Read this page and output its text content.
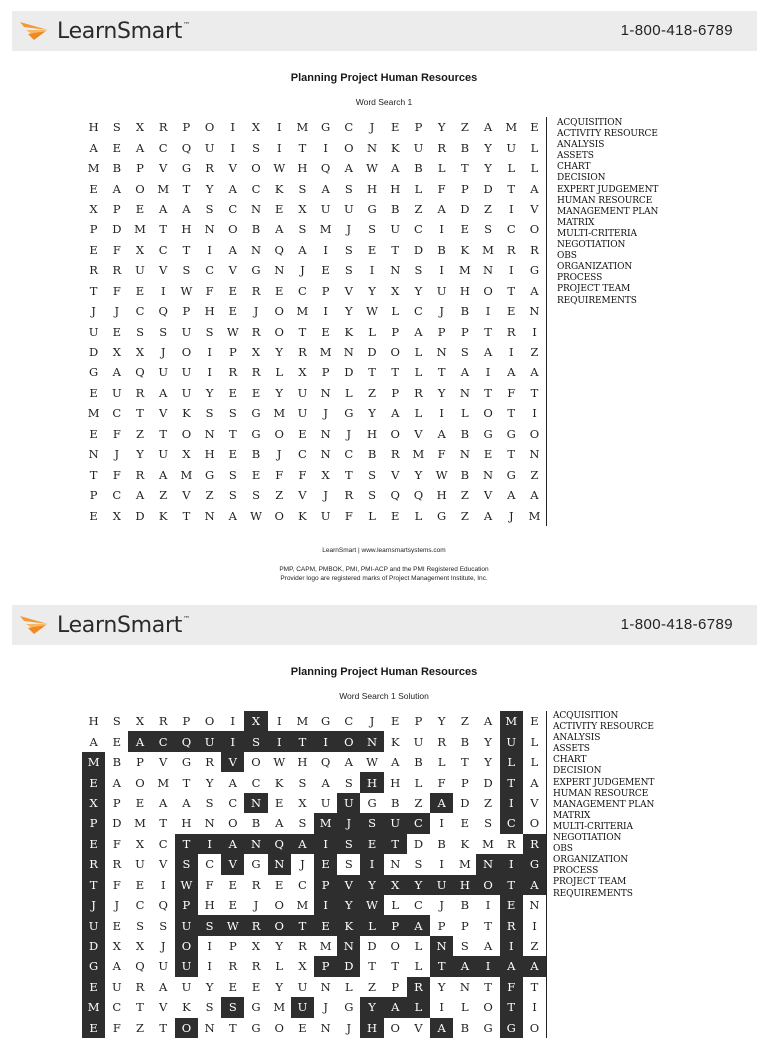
LearnSmart™	1-800-418-6789
Planning Project Human Resources
Word Search 1
H	S	X	R	P	O	I	X	I	M	G	C	J	E	P	Y	Z	A	M	E
A	E	A	C	Q	U	I	S	I	T	I	O	N	K	U	R	B	Y	U	L
M	B	P	V	G	R	V	O	W	H	Q	A	W	A	B	L	T	Y	L	L
E	A	O	M	T	Y	A	C	K	S	A	S	H	H	L	F	P	D	T	A
X	P	E	A	A	S	C	N	E	X	U	U	G	B	Z	A	D	Z	I	V
P	D	M	T	H	N	O	B	A	S	M	J	S	U	C	I	E	S	C	O
E	F	X	C	T	I	A	N	Q	A	I	S	E	T	D	B	K	M	R	R
R	R	U	V	S	C	V	G	N	J	E	S	I	N	S	I	M	N	I	G
T	F	E	I	W	F	E	R	E	C	P	V	Y	X	Y	U	H	O	T	A
J	J	C	Q	P	H	E	J	O	M	I	Y	W	L	C	J	B	I	E	N
U	E	S	S	U	S	W	R	O	T	E	K	L	P	A	P	P	T	R	I
D	X	X	J	O	I	P	X	Y	R	M	N	D	O	L	N	S	A	I	Z
G	A	Q	U	U	I	R	R	L	X	P	D	T	T	L	T	A	I	A	A
E	U	R	A	U	Y	E	E	Y	U	N	L	Z	P	R	Y	N	T	F	T
M	C	T	V	K	S	S	G	M	U	J	G	Y	A	L	I	L	O	T	I
E	F	Z	T	O	N	T	G	O	E	N	J	H	O	V	A	B	G	G	O
N	J	Y	U	X	H	E	B	J	C	N	C	B	R	M	F	N	E	T	N
T	F	R	A	M	G	S	E	F	F	X	T	S	V	Y	W	B	N	G	Z
P	C	A	Z	V	Z	S	S	Z	V	J	R	S	Q	Q	H	Z	V	A	A
E	X	D	K	T	N	A	W	O	K	U	F	L	E	L	G	Z	A	J	M
ACQUISITION
ACTIVITY RESOURCE
ANALYSIS
ASSETS
CHART
DECISION
EXPERT JUDGEMENT
HUMAN RESOURCE
MANAGEMENT PLAN
MATRIX
MULTI-CRITERIA
NEGOTIATION
OBS
ORGANIZATION
PROCESS
PROJECT TEAM
REQUIREMENTS
LearnSmart | www.learnsmartsystems.com
PMP, CAPM, PMBOK, PMI, PMI-ACP and the PMI Registered Education
Provider logo are registered marks of Project Management Institute, Inc.
LearnSmart™	1-800-418-6789
Planning Project Human Resources
Word Search 1 Solution
H	S	X	R	P	O	I	X	I	M	G	C	J	E	P	Y	Z	A	M	E
A	E	A	C	Q	U	I	S	I	T	I	O	N	K	U	R	B	Y	U	L
M	B	P	V	G	R	V	O	W	H	Q	A	W	A	B	L	T	Y	L	L
E	A	O	M	T	Y	A	C	K	S	A	S	H	H	L	F	P	D	T	A
X	P	E	A	A	S	C	N	E	X	U	U	G	B	Z	A	D	Z	I	V
P	D	M	T	H	N	O	B	A	S	M	J	S	U	C	I	E	S	C	O
E	F	X	C	T	I	A	N	Q	A	I	S	E	T	D	B	K	M	R	R
R	R	U	V	S	C	V	G	N	J	E	S	I	N	S	I	M	N	I	G
T	F	E	I	W	F	E	R	E	C	P	V	Y	X	Y	U	H	O	T	A
J	J	C	Q	P	H	E	J	O	M	I	Y	W	L	C	J	B	I	E	N
U	E	S	S	U	S	W	R	O	T	E	K	L	P	A	P	P	T	R	I
D	X	X	J	O	I	P	X	Y	R	M	N	D	O	L	N	S	A	I	Z
G	A	Q	U	U	I	R	R	L	X	P	D	T	T	L	T	A	I	A	A
E	U	R	A	U	Y	E	E	Y	U	N	L	Z	P	R	Y	N	T	F	T
M	C	T	V	K	S	S	G	M	U	J	G	Y	A	L	I	L	O	T	I
E	F	Z	T	O	N	T	G	O	E	N	J	H	O	V	A	B	G	G	O
ACQUISITION
ACTIVITY RESOURCE
ANALYSIS
ASSETS
CHART
DECISION
EXPERT JUDGEMENT
HUMAN RESOURCE
MANAGEMENT PLAN
MATRIX
MULTI-CRITERIA
NEGOTIATION
OBS
ORGANIZATION
PROCESS
PROJECT TEAM
REQUIREMENTS
